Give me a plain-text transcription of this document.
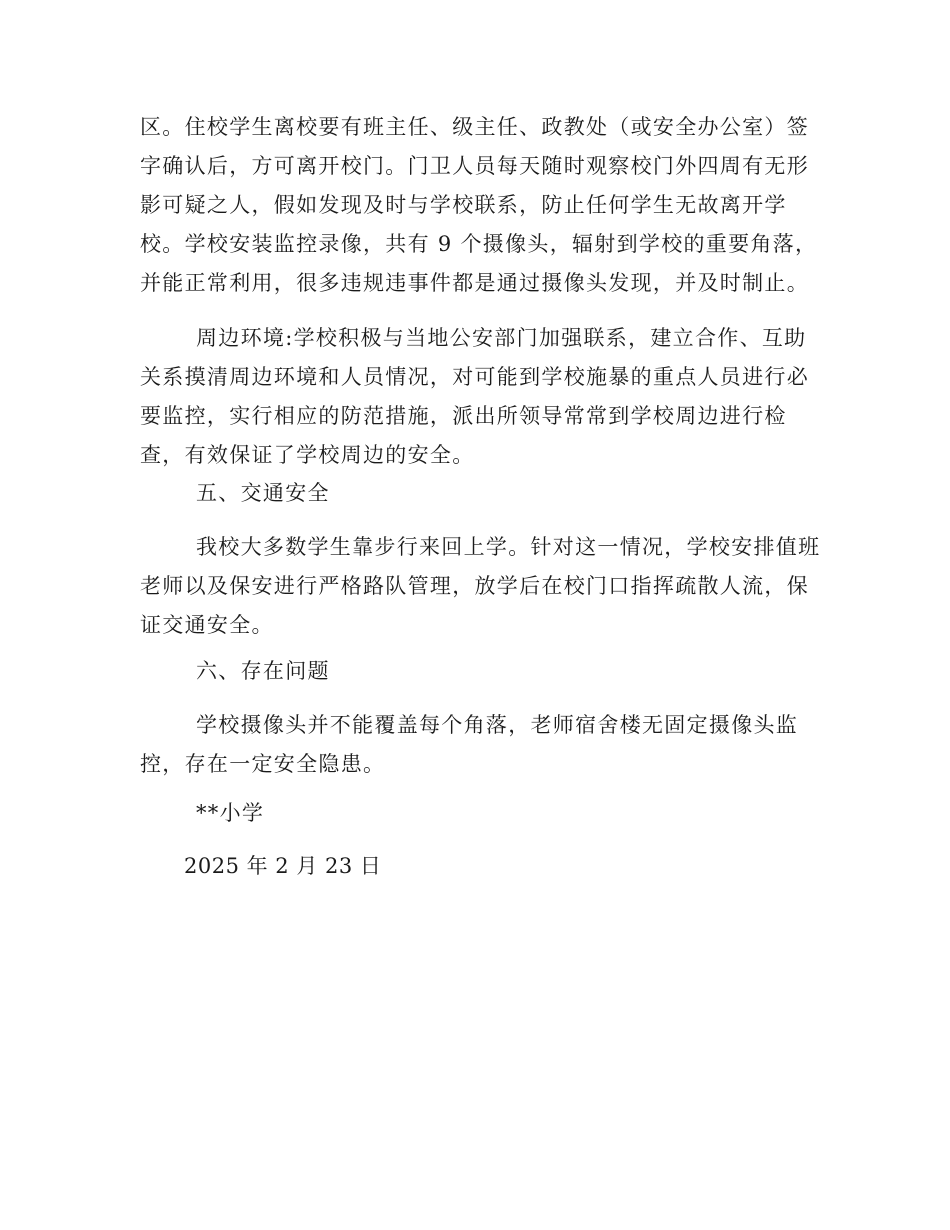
区。住校学生离校要有班主任、级主任、政教处（或安全办公室）签
字确认后，方可离开校门。门卫人员每天随时观察校门外四周有无形
影可疑之人，假如发现及时与学校联系，防止任何学生无故离开学
校。学校安装监控录像，共有 9 个摄像头，辐射到学校的重要角落，
并能正常利用，很多违规违事件都是通过摄像头发现，并及时制止。
周边环境:学校积极与当地公安部门加强联系，建立合作、互助
关系摸清周边环境和人员情况，对可能到学校施暴的重点人员进行必
要监控，实行相应的防范措施，派出所领导常常到学校周边进行检
查，有效保证了学校周边的安全。
五、交通安全
我校大多数学生靠步行来回上学。针对这一情况，学校安排值班
老师以及保安进行严格路队管理，放学后在校门口指挥疏散人流，保
证交通安全。
六、存在问题
学校摄像头并不能覆盖每个角落，老师宿舍楼无固定摄像头监
控，存在一定安全隐患。
**小学
2025 年 2 月 23 日
